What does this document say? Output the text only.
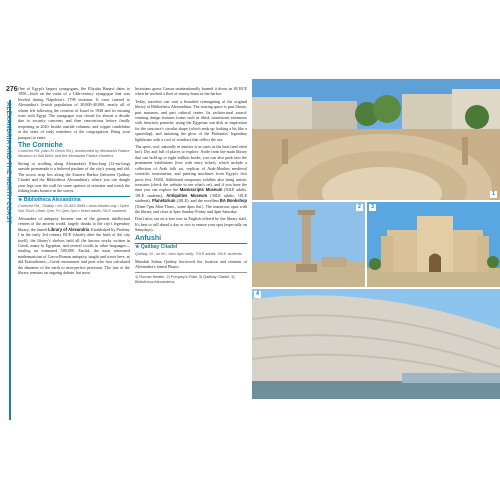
276
ALEXANDRIA AND THE NORTH COAST

One of Egypt's largest synagogues, the Eliyahu Hanavi dates to 1850—built on the ruins of a 14th-century synagogue that was leveled during Napoleon's 1798 invasion. It once catered to Alexandria's Jewish population of 30,000-40,000, nearly all of whom left following the creation of Israel in 1948 and its ensuing wars with Egypt. The synagogue was closed for almost a decade due to security concerns and then renovations before finally reopening in 2020. Inside, marble columns, and copper candelabra at the seats of early members of the congregation. Bring your passport to enter.

The Corniche
Corniche Rd. (also El Geish Rd.), bookended by Montazah Palace Museum in Sidi Bishr and the Montazah Palace Gardens

Sitting or strolling along Alexandria's 8-km-long (12-mi-long) seaside promenade is a beloved pastime of the city's young and old. The nicest strip lies along the Eastern Harbor (between Qaitbay Citadel and the Bibliotheca Alexandrina), where you can dangle your legs over the wall for some spritzes of seawater and watch the fishing boats bounce in the waves.

★ Bibliotheca Alexandrina
Corniche Rd., Shatby • tel. 03-483-9999 • www.bibalex.org • Open Sat-Thurs 10am-7pm, Fri 2pm-7pm • ticket adults 70LE students

Alexandria of antiquity became one of the greatest intellectual centers of the ancient world, largely thanks to the city's legendary library, the famed Library of Alexandria. Established by Ptolemy I in the early 3rd century BCE (shortly after the birth of the city itself), the library's shelves held all the known works written in Greek, many in Egyptian, and several scrolls in other languages—totaling an estimated 500,000. Euclid, the most renowned mathematician of Greco-Roman antiquity, taught and wrote here, as did Eratosthenes—Greek astronomer and poet who first calculated the diameter of the earth to near-perfect precision. The fate of the library remains an ongoing debate, but most

historians guess Caesar unintentionally burned it down in 48 BCE when he torched a fleet of enemy boats in the harbor.

Today, travelers can visit a beautiful reimagining of the original library at Bibliotheca Alexandrina. The soaring space is part library, part museum, and part cultural center. Its architectural award-winning design features forms such as tilted, translucent enormous with futuristic panache, using the Egyptian sun disk as inspiration for the structure's circular shape (which ends up looking a bit like a spaceship), and imitating the glow of the Ptolemies' legendary lighthouse with a roof of windows that reflect the sea.

The sport, roof, naturally in interior is as oasis as the heat (and often hot). Dry and full of places to explore. Aside from the main library that can hold up to eight million books, you can also peek into the permanent exhibitions (free with entry ticket), which include a collection of Arab folk art, replicas of Arab-Muslim medieval scientific instruments, and printing machines from Egypt's first press (est. 1820). Additional temporary exhibits also bring artistic treasures (check the website to see what's on), and if you have the time you can explore the Manuscripts Museum (30LE adults, 10LE students), Antiquities Museum (30LE adults, 10LE students), Planetarium (20LE), and the excellent BA Bookshop (10am-7pm Mon-Thurs., some 4pm Sat.). The numerous opus with the library and close at 3pm Sunday-Friday and 4pm Saturday.

Don't miss out on a free tour in English offered by the library staff. It's best to call ahead a day or two to ensure your spot (especially on Saturdays).

Anfushi
★ Qaitbay Citadel
Qaitbay St., no tel.; 9am-4pm daily; 70LE adults, 35LE students

Mamluk Sultan Qaitbay borrowed the location and remains of Alexandria's famed Pharos

1) Roman theater, 2) Pompey's Pillar, 3) Qaitbay Citadel, 4) Bibliotheca Alexandrina
1
2	3
4
